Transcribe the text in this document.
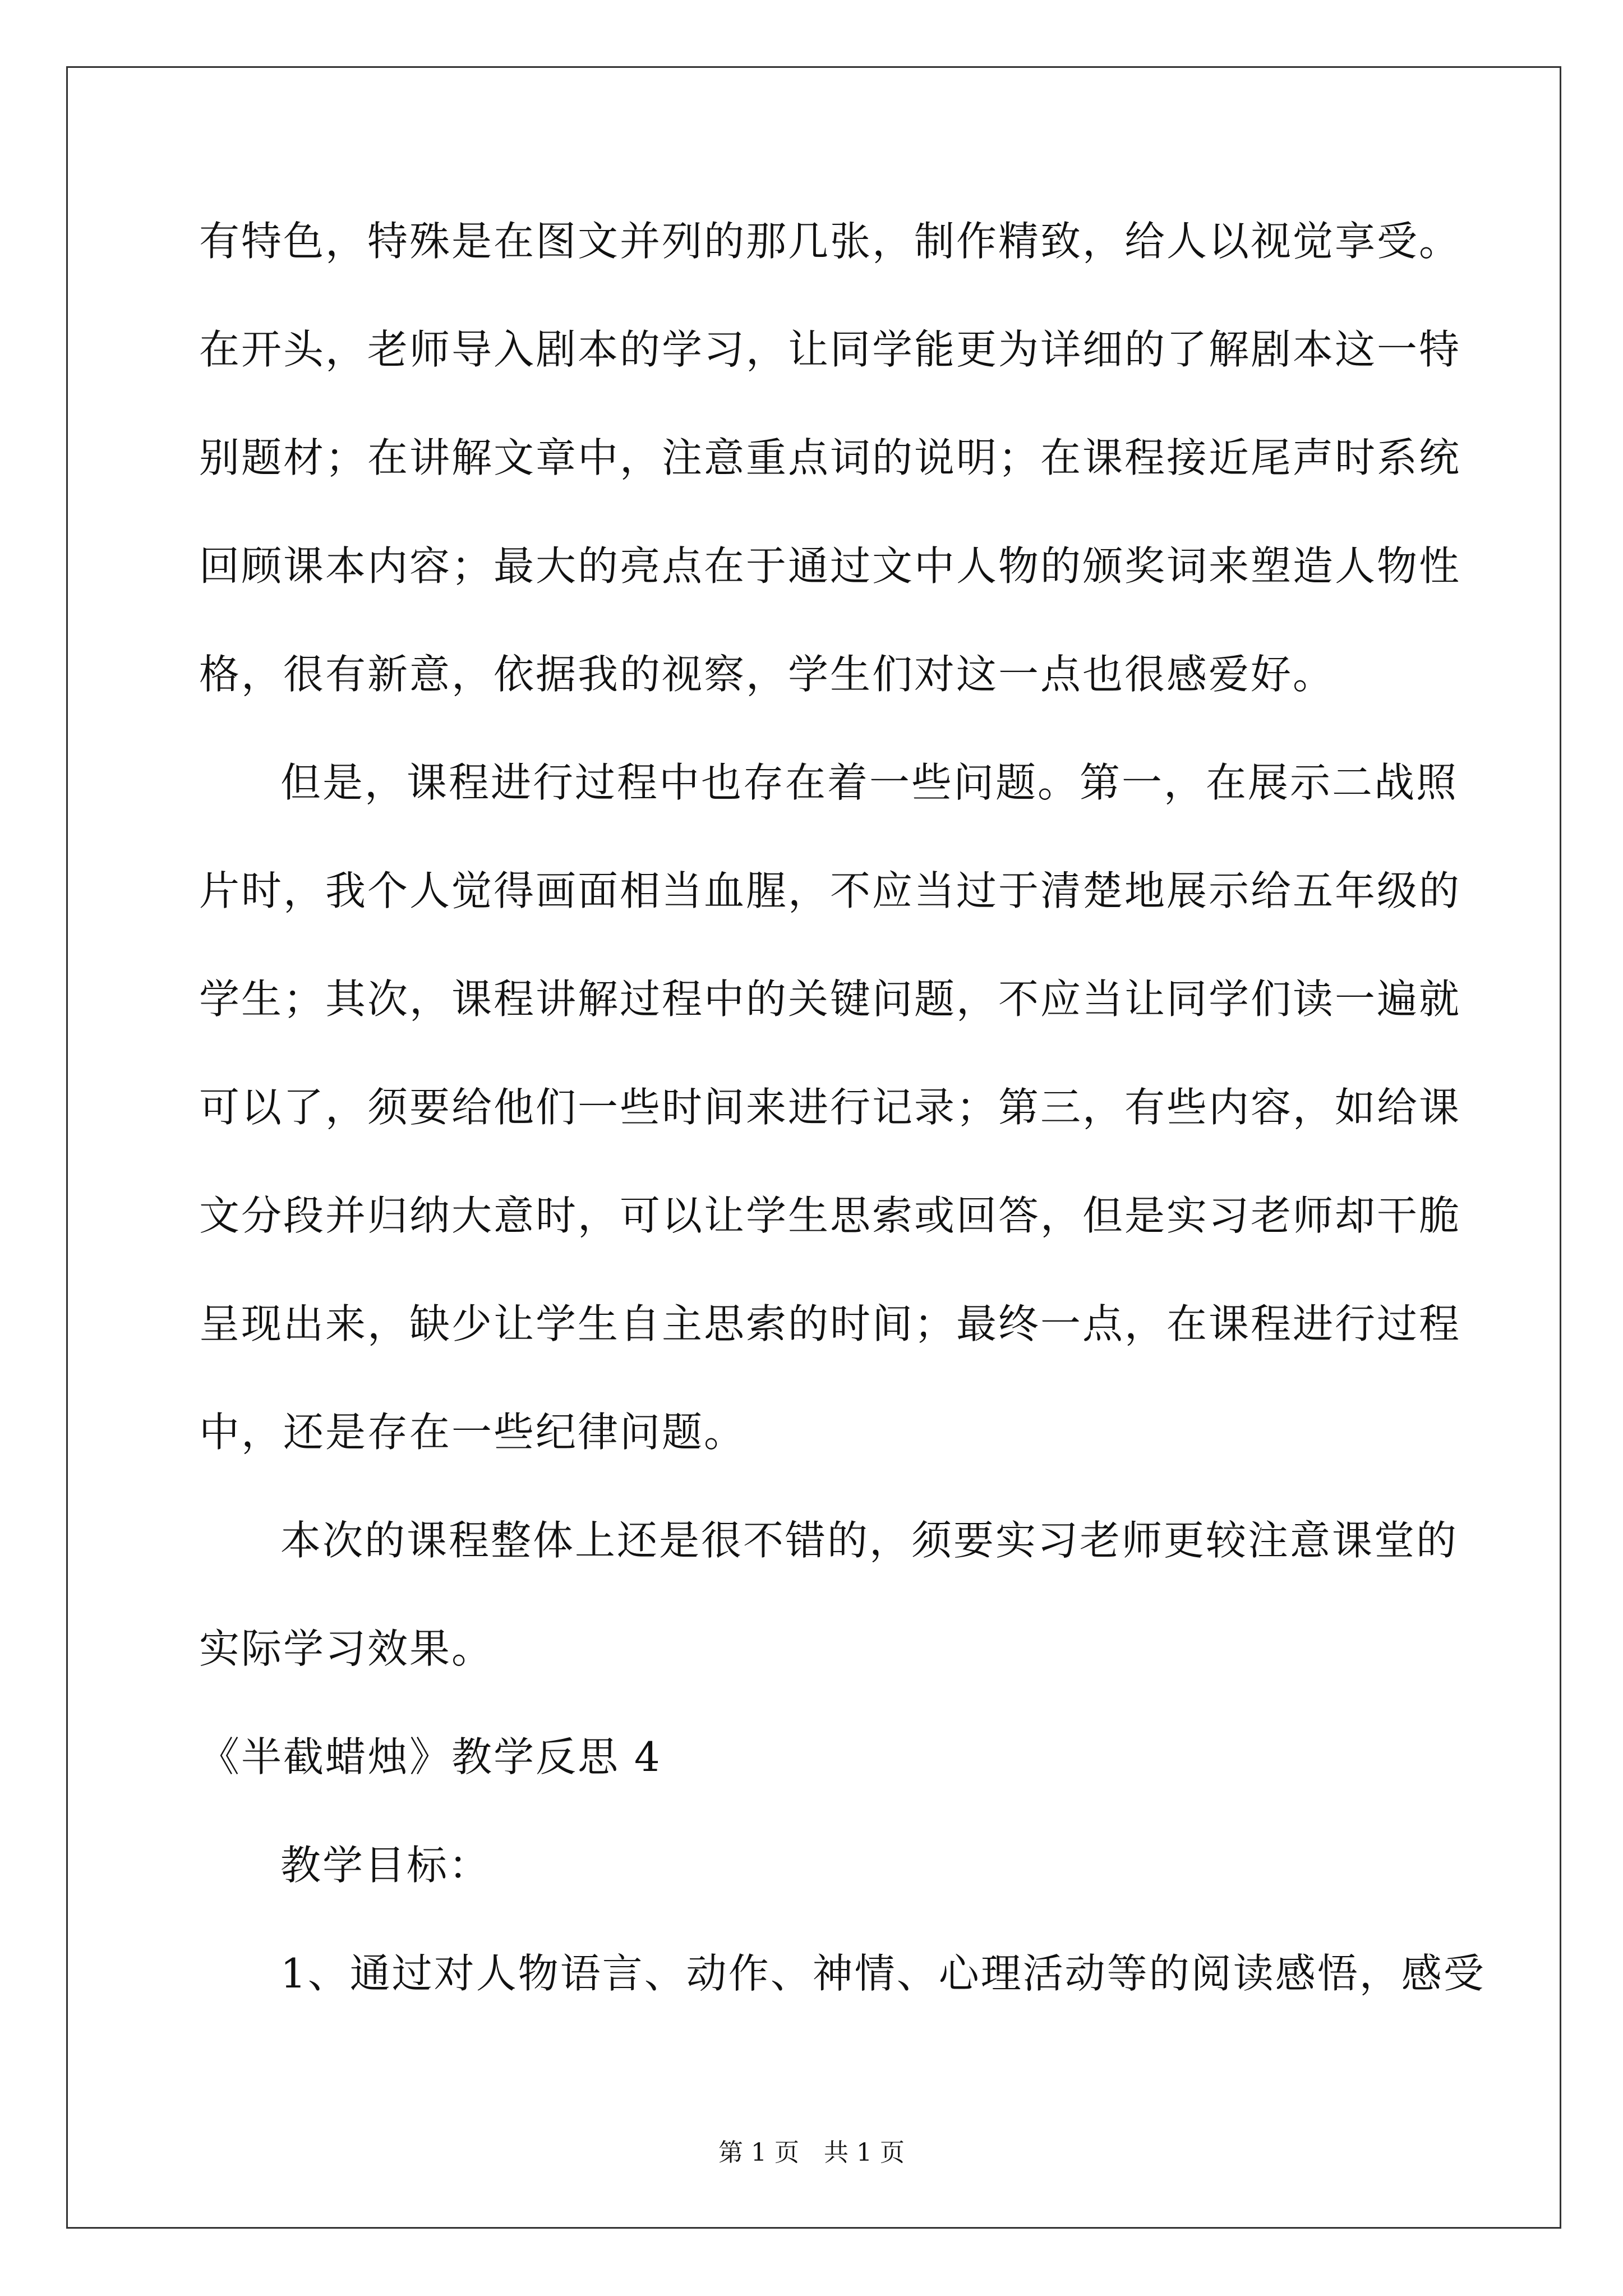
有特色，特殊是在图文并列的那几张，制作精致，给人以视觉享受。
在开头，老师导入剧本的学习，让同学能更为详细的了解剧本这一特
别题材；在讲解文章中，注意重点词的说明；在课程接近尾声时系统
回顾课本内容；最大的亮点在于通过文中人物的颁奖词来塑造人物性
格，很有新意，依据我的视察，学生们对这一点也很感爱好。
但是，课程进行过程中也存在着一些问题。第一，在展示二战照
片时，我个人觉得画面相当血腥，不应当过于清楚地展示给五年级的
学生；其次，课程讲解过程中的关键问题，不应当让同学们读一遍就
可以了，须要给他们一些时间来进行记录；第三，有些内容，如给课
文分段并归纳大意时，可以让学生思索或回答，但是实习老师却干脆
呈现出来，缺少让学生自主思索的时间；最终一点，在课程进行过程
中，还是存在一些纪律问题。
本次的课程整体上还是很不错的，须要实习老师更较注意课堂的
实际学习效果。
《半截蜡烛》教学反思 4
教学目标：
1、通过对人物语言、动作、神情、心理活动等的阅读感悟，感受
第 1 页　共 1 页
